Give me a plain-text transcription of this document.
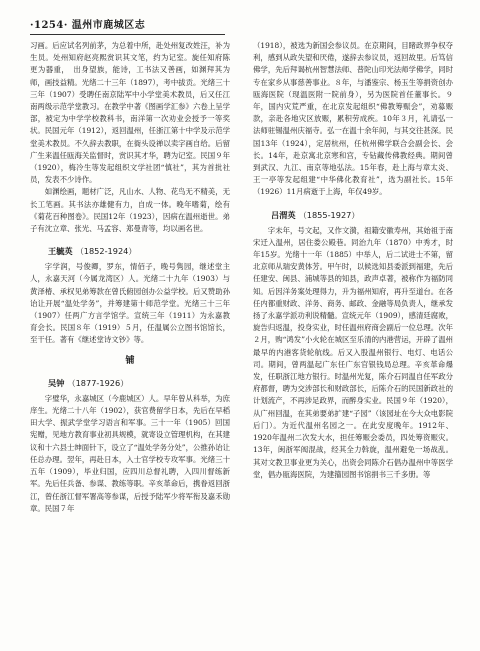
·1254· 温州市鹿城区志

习画。后应试名列前茅，为总着中所，赴处州复改姓汪，补为生员。处州知府赵亮熙赏识其文笔，约为记室。旋任知府陈　更为器重，　出身望族，能诗，工书法又善画，如渊拜其为师，画技益精。光绪二十三年（1897），考中拔贡。光绪三十三年（1907）受聘任南京陆军中小学堂美术教员，后又任江南两级示范学堂教习。在教学中著《图画学汇参》六卷上呈学部，被定为中学学校教科书，南洋第一次劝业会授予一等奖状。民国元年（1912），返回温州，任浙江第十中学及示范学堂美术教员。不久辞去教职，在衙头设禅以卖字画自给。后留广生来温任瓯海关监督时，赏识其才华，聘为记室。民国９年（1920），梅冷生等发起组织文学社团“慎社”，其为首批社员，发表不少诗作。

如渊绘画，题材广泛，凡山水、人物、花鸟无不精美，无长工笔画。其书法亦雄健有力，自成一体。晚年嗜菊，绘有《菊花百种图卷》。民国12年（1923），因病在温州逝世。弟子有沈立章、张光、马孟容、郑曼青等，均以画名世。

王毓英 （1852-1924）

字学润，号俊卿，罗东，情佰子，晚号隽园，继述堂主人，永嘉天河（今属龙湾区）人。光绪二十九年（1903）与黄泽椿、承权见弟筹款在曾氏俯园创办公益学校。后又赞助孙诒让开展“温处学务”，并筹建第十师范学堂。光绪三十三年（1907）任两广方言学馆学。宣统三年（1911）为永嘉教育会长。民国８年（1919）５月，任温属公立图书馆馆长，至干任。著有《继述堂诗文钞》等。

铺
吴钟 （1877-1926）

字璧华，永嘉城区（今鹿城区）人。早年曾从科举，为庶庠生。光绪二十八年（1902），获官费留学日本，先后在早稻田大学、振武学堂学习语言和军事。三十一年（1905）回国宪赠，见地方教育事业初具规模，就寄设立管理机构，在其建议和十六县士绅面针下，设立了“温处学务分处”，公推孙诒让任总办理。翌年，再赴日本，入士官学校专攻军事。光绪三十五年（1909），毕业归国，应四川总督礼聘，入四川督练新军。先后任兵备、参谋、教练等职。辛亥革命后，携眷返回浙江，曾任浙江督军署高等参谋，后授予陆军少将军衔及嘉禾勋章。民国７年

（1918），被选为新国会参议员。在京期间，目睹政界争权夺利，感到从政失望和厌倦，遂辞去参议员，返回故里。后笃信佛学，先后拜谒杭州智慧法师、普陀山印光法师学佛学，同时专在家乡从事慈善事业。８年，与潘鉴宗、杨玉生等捐资创办瓯海医院（现温医附一院前身），另为医院首任董事长。９年，国内灾荒严重，在北京发起组织“佛教筹赈会”，劝募赈款，亲赴各地灾区放赈，累积劳成疾。10年３月，礼请弘一法师驻锡温州庆福寺。弘一在温十余年间，与其交往甚深。民国13年（1924），定居杭州，任杭州佛学联合会副会长、会长。14年，赴京寓北京寒和宫，专钻藏传佛教经典。期间曾到武汉、九江、南京等地弘法。15年春，赴上海与章太炎、王一亭等发起组建“中华佛化教育社”，选为副社长。15年（1926）11月病逝于上海，年仅49岁。

吕渭英 （1855-1927）

字未年，号文起，又作文漪，祖籍安徽寿州，其始祖于南宋迁入温州，居住娄公殿巷。同治九年（1870）中秀才，时年15岁。光绪十一年（1885）中举人，后二试进士不第，留北京师从瑞安黄体芳。甲午时，以候选知县委派到福建，先后任建安、闽县、浦城等县的知县，政声卓著，被称作为福防同知。后因洋务案处理得力，升为福州知府，再升至道台。在各任内都重财政、洋务、商务、邮政、金融等局负责人，继承发扬了永嘉学派功利说精髓。宣统元年（1909），感清廷腐败，旋告归返温，投身实业，时任温州府商会副后一位总理。次年２月，购“鸿发”小火轮在城区至乐清的内港营运，开辟了温州最早的内港客货轮航线。后又入股温州银行、电灯、电话公司。期间，曾两温起广东任广东官银钱局总理。辛亥革命爆发，任职浙江地方银行。时温州光复，陈介石同温自任军政分府都督，聘为交涉部长和财政部长，后陈介石的民国新政社的计划流产，不再涉足政界，而醉身实业。民国９年（1920），从广州回温，在其弟要弟扩建“子园”（该园址在今大众电影院后门）。为近代温州名园之一。在此安度晚年。1912年、1920年温州二次发大水，担任筹赈会委员，四处筹资赈灾。13年，闽浙军阀混战，经其全力斡旋，温州避免一场战乱。其对文教卫事业更为关心，出资会同陈介石倡办温州中等医学堂，倡办瓯海医院，为建籀园图书馆捐书三千多册。等
